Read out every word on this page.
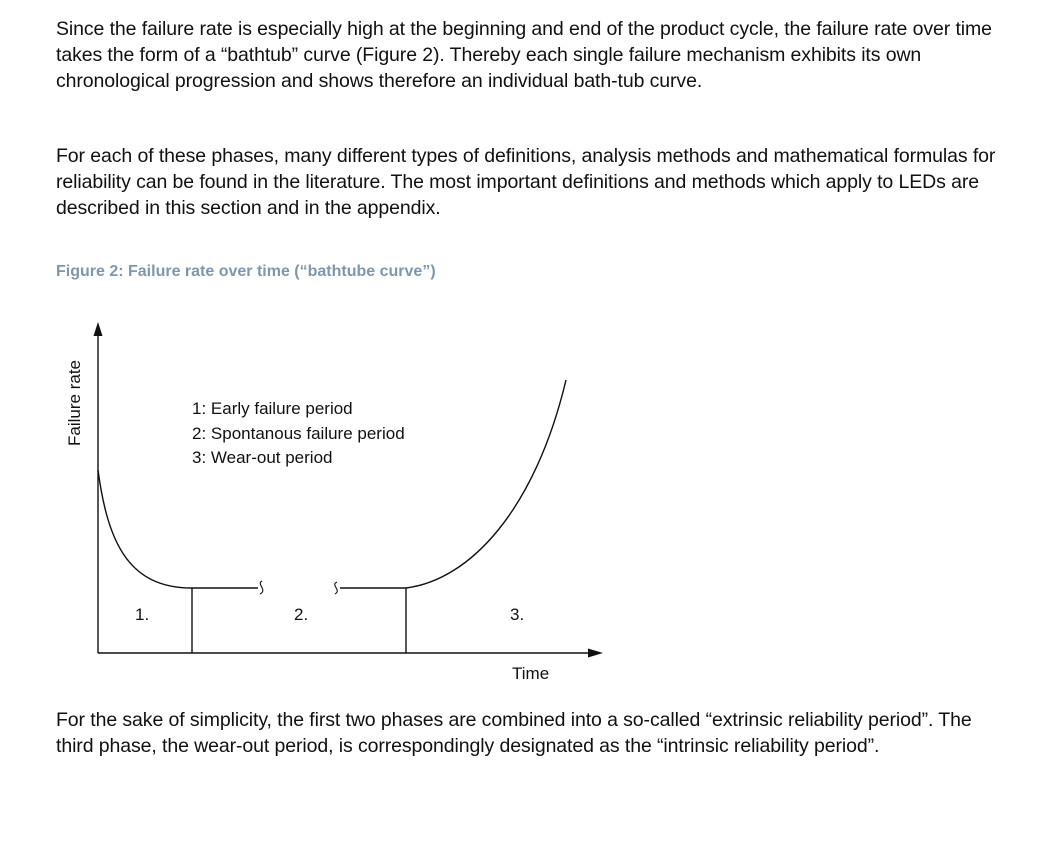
Since the failure rate is especially high at the beginning and end of the product cycle, the failure rate over time takes the form of a “bathtub” curve (Figure 2). Thereby each single failure mechanism exhibits its own chronological progression and shows therefore an individual bath-tub curve.

For each of these phases, many different types of definitions, analysis methods and mathematical formulas for reliability can be found in the literature. The most important definitions and methods which apply to LEDs are described in this section and in the appendix.

Figure 2: Failure rate over time (“bathtube curve”)

Failure rate
Time
1: Early failure period
2: Spontanous failure period
3: Wear-out period
1.	2.	3.

For the sake of simplicity, the first two phases are combined into a so-called “extrinsic reliability period”. The third phase, the wear-out period, is correspondingly designated as the “intrinsic reliability period”.
